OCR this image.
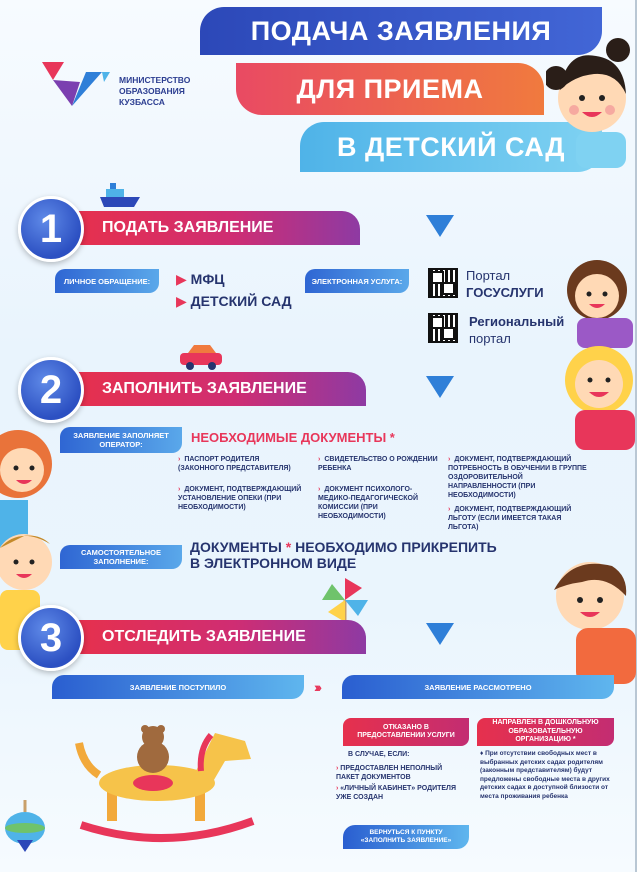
МИНИСТЕРСТВО
ОБРАЗОВАНИЯ
КУЗБАССА
ПОДАЧА ЗАЯВЛЕНИЯ
ДЛЯ ПРИЕМА
В ДЕТСКИЙ САД
ПОДАТЬ ЗАЯВЛЕНИЕ
1
ЛИЧНОЕ ОБРАЩЕНИЕ:	▶ МФЦ
▶ ДЕТСКИЙ САД
ЭЛЕКТРОННАЯ УСЛУГА:	Портал
ГОСУСЛУГИ
Региональный
портал
ЗАПОЛНИТЬ ЗАЯВЛЕНИЕ
2
ЗАЯВЛЕНИЕ ЗАПОЛНЯЕТ ОПЕРАТОР:	НЕОБХОДИМЫЕ ДОКУМЕНТЫ *
› ПАСПОРТ РОДИТЕЛЯ (ЗАКОННОГО ПРЕДСТАВИТЕЛЯ)
› ДОКУМЕНТ, ПОДТВЕРЖДАЮЩИЙ УСТАНОВЛЕНИЕ ОПЕКИ (ПРИ НЕОБХОДИМОСТИ)
› СВИДЕТЕЛЬСТВО О РОЖДЕНИИ РЕБЕНКА
› ДОКУМЕНТ ПСИХОЛОГО-МЕДИКО-ПЕДАГОГИЧЕСКОЙ КОМИССИИ (ПРИ НЕОБХОДИМОСТИ)
› ДОКУМЕНТ, ПОДТВЕРЖДАЮЩИЙ ПОТРЕБНОСТЬ В ОБУЧЕНИИ В ГРУППЕ ОЗДОРОВИТЕЛЬНОЙ НАПРАВЛЕННОСТИ (ПРИ НЕОБХОДИМОСТИ)
› ДОКУМЕНТ, ПОДТВЕРЖДАЮЩИЙ ЛЬГОТУ (ЕСЛИ ИМЕЕТСЯ ТАКАЯ ЛЬГОТА)
САМОСТОЯТЕЛЬНОЕ ЗАПОЛНЕНИЕ:
ДОКУМЕНТЫ * НЕОБХОДИМО ПРИКРЕПИТЬ
В ЭЛЕКТРОННОМ ВИДЕ
ОТСЛЕДИТЬ ЗАЯВЛЕНИЕ
3
ЗАЯВЛЕНИЕ ПОСТУПИЛО	›››	ЗАЯВЛЕНИЕ РАССМОТРЕНО
ОТКАЗАНО В ПРЕДОСТАВЛЕНИИ УСЛУГИ
НАПРАВЛЕН В ДОШКОЛЬНУЮ ОБРАЗОВАТЕЛЬНУЮ ОРГАНИЗАЦИЮ *
В СЛУЧАЕ, ЕСЛИ:
› ПРЕДОСТАВЛЕН НЕПОЛНЫЙ ПАКЕТ ДОКУМЕНТОВ
› «ЛИЧНЫЙ КАБИНЕТ» РОДИТЕЛЯ УЖЕ СОЗДАН
♦ При отсутствии свободных мест в выбранных детских садах родителям (законным представителям) будут предложены свободные места в других детских садах в доступной близости от места проживания ребенка
ВЕРНУТЬСЯ К ПУНКТУ «ЗАПОЛНИТЬ ЗАЯВЛЕНИЕ»
